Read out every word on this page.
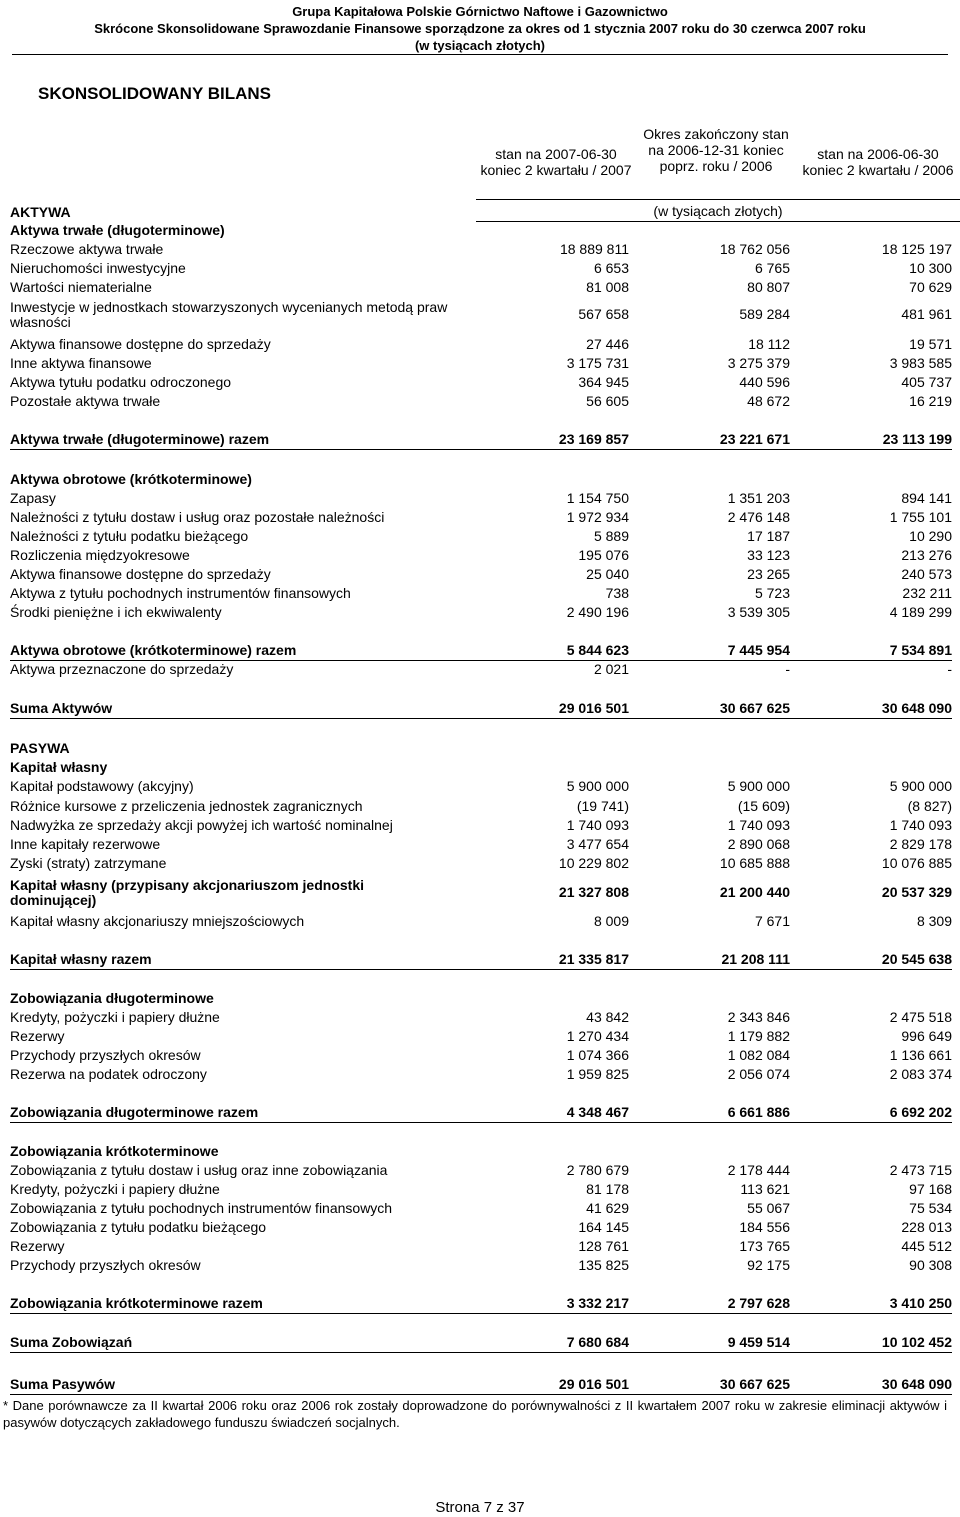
Grupa Kapitałowa Polskie Górnictwo Naftowe i Gazownictwo
Skrócone Skonsolidowane Sprawozdanie Finansowe sporządzone za okres od 1 stycznia 2007 roku do 30 czerwca 2007 roku
(w tysiącach złotych)
SKONSOLIDOWANY BILANS
stan na 2007-06-30 koniec 2 kwartału / 2007
Okres zakończony stan na 2006-12-31 koniec poprz. roku / 2006
stan na 2006-06-30 koniec 2 kwartału / 2006
(w tysiącach złotych)
AKTYWA
Aktywa trwałe (długoterminowe)
Rzeczowe aktywa trwałe	18 889 811	18 762 056	18 125 197
Nieruchomości inwestycyjne	6 653	6 765	10 300
Wartości niematerialne	81 008	80 807	70 629
Inwestycje w jednostkach stowarzyszonych wycenianych metodą praw własności	567 658	589 284	481 961
Aktywa finansowe dostępne do sprzedaży	27 446	18 112	19 571
Inne aktywa finansowe	3 175 731	3 275 379	3 983 585
Aktywa tytułu podatku odroczonego	364 945	440 596	405 737
Pozostałe aktywa trwałe	56 605	48 672	16 219
Aktywa trwałe (długoterminowe) razem	23 169 857	23 221 671	23 113 199
Aktywa obrotowe (krótkoterminowe)
Zapasy	1 154 750	1 351 203	894 141
Należności z tytułu dostaw i usług oraz pozostałe należności	1 972 934	2 476 148	1 755 101
Należności z tytułu podatku bieżącego	5 889	17 187	10 290
Rozliczenia międzyokresowe	195 076	33 123	213 276
Aktywa finansowe dostępne do sprzedaży	25 040	23 265	240 573
Aktywa z tytułu pochodnych instrumentów finansowych	738	5 723	232 211
Środki pieniężne i ich ekwiwalenty	2 490 196	3 539 305	4 189 299
Aktywa obrotowe (krótkoterminowe) razem	5 844 623	7 445 954	7 534 891
Aktywa przeznaczone do sprzedaży	2 021	-	-
Suma Aktywów	29 016 501	30 667 625	30 648 090
PASYWA
Kapitał własny
Kapitał podstawowy (akcyjny)	5 900 000	5 900 000	5 900 000
Różnice kursowe z przeliczenia jednostek zagranicznych	(19 741)	(15 609)	(8 827)
Nadwyżka ze sprzedaży akcji powyżej ich wartość nominalnej	1 740 093	1 740 093	1 740 093
Inne kapitały rezerwowe	3 477 654	2 890 068	2 829 178
Zyski (straty) zatrzymane	10 229 802	10 685 888	10 076 885
Kapitał własny (przypisany akcjonariuszom jednostki dominującej)	21 327 808	21 200 440	20 537 329
Kapitał własny akcjonariuszy mniejszościowych	8 009	7 671	8 309
Kapitał własny razem	21 335 817	21 208 111	20 545 638
Zobowiązania długoterminowe
Kredyty, pożyczki i papiery dłużne	43 842	2 343 846	2 475 518
Rezerwy	1 270 434	1 179 882	996 649
Przychody przyszłych okresów	1 074 366	1 082 084	1 136 661
Rezerwa na podatek odroczony	1 959 825	2 056 074	2 083 374
Zobowiązania długoterminowe razem	4 348 467	6 661 886	6 692 202
Zobowiązania krótkoterminowe
Zobowiązania z tytułu dostaw i usług oraz inne zobowiązania	2 780 679	2 178 444	2 473 715
Kredyty, pożyczki i papiery dłużne	81 178	113 621	97 168
Zobowiązania z tytułu pochodnych instrumentów finansowych	41 629	55 067	75 534
Zobowiązania z tytułu podatku bieżącego	164 145	184 556	228 013
Rezerwy	128 761	173 765	445 512
Przychody przyszłych okresów	135 825	92 175	90 308
Zobowiązania krótkoterminowe razem	3 332 217	2 797 628	3 410 250
Suma Zobowiązań	7 680 684	9 459 514	10 102 452
Suma Pasywów	29 016 501	30 667 625	30 648 090
* Dane porównawcze za II kwartał 2006 roku oraz 2006 rok zostały doprowadzone do porównywalności z II kwartałem 2007 roku w zakresie eliminacji aktywów i pasywów dotyczących zakładowego funduszu świadczeń socjalnych.
Strona 7 z 37
